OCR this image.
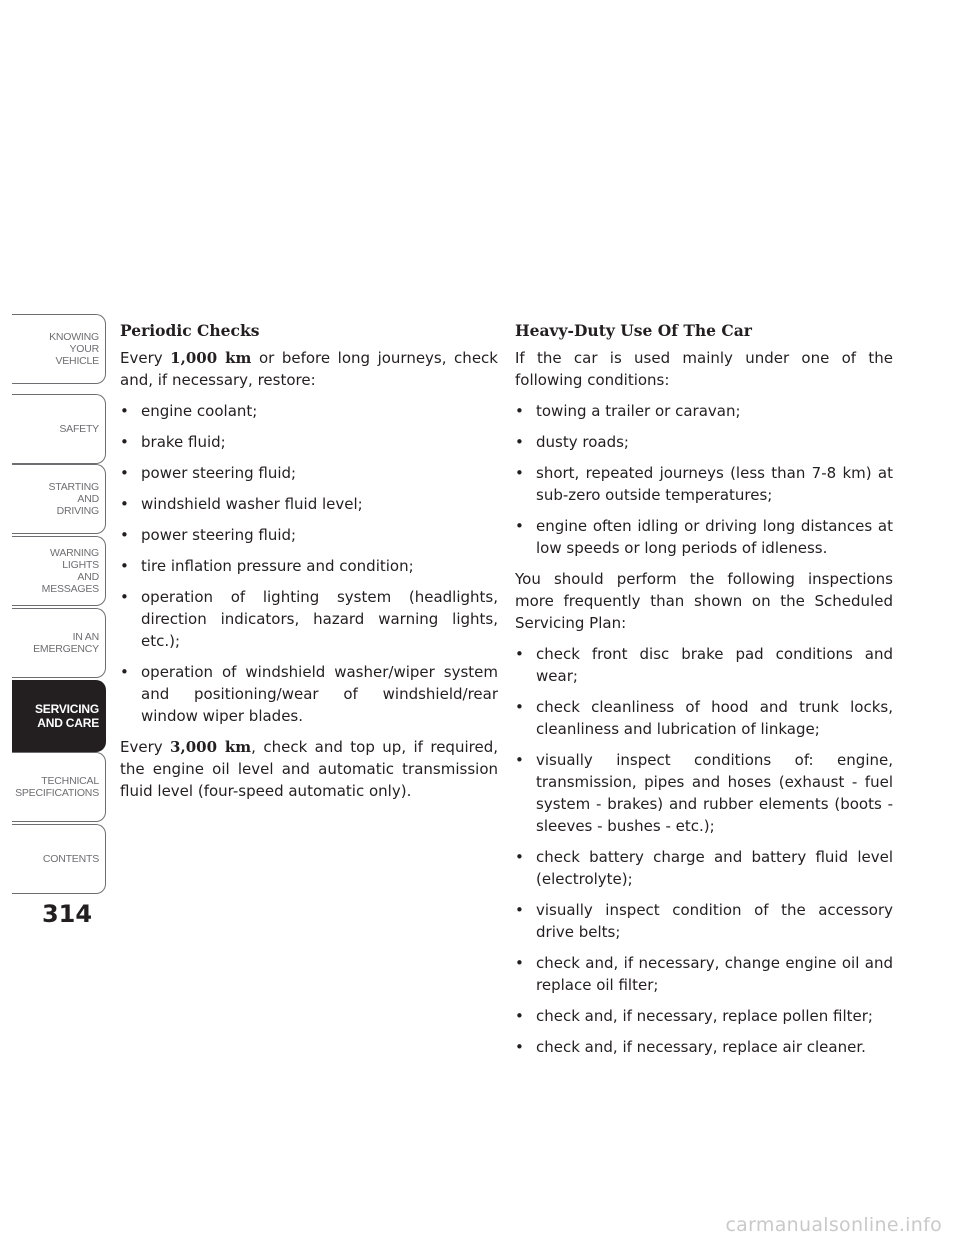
KNOWING
YOUR
VEHICLE
SAFETY
STARTING
AND
DRIVING
WARNING
LIGHTS
AND
MESSAGES
IN AN
EMERGENCY
SERVICING
AND CARE
TECHNICAL
SPECIFICATIONS
CONTENTS
314
Periodic Checks

Every 1,000 km or before long journeys, check and, if necessary, restore:

• engine coolant;
• brake fluid;
• power steering fluid;
• windshield washer fluid level;
• power steering fluid;
• tire inflation pressure and condition;
• operation of lighting system (headlights, direction indicators, hazard warning lights, etc.);
• operation of windshield washer/wiper system and positioning/wear of windshield/rear window wiper blades.

Every 3,000 km, check and top up, if required, the engine oil level and automatic transmission fluid level (four-speed automatic only).

Heavy-Duty Use Of The Car

If the car is used mainly under one of the following conditions:

• towing a trailer or caravan;
• dusty roads;
• short, repeated journeys (less than 7-8 km) at sub-zero outside temperatures;
• engine often idling or driving long distances at low speeds or long periods of idleness.

You should perform the following inspections more frequently than shown on the Scheduled Servicing Plan:

• check front disc brake pad conditions and wear;
• check cleanliness of hood and trunk locks, cleanliness and lubrication of linkage;
• visually inspect conditions of: engine, transmission, pipes and hoses (exhaust - fuel system - brakes) and rubber elements (boots - sleeves - bushes - etc.);
• check battery charge and battery fluid level (electrolyte);
• visually inspect condition of the accessory drive belts;
• check and, if necessary, change engine oil and replace oil filter;
• check and, if necessary, replace pollen filter;
• check and, if necessary, replace air cleaner.
carmanualsonline.info
